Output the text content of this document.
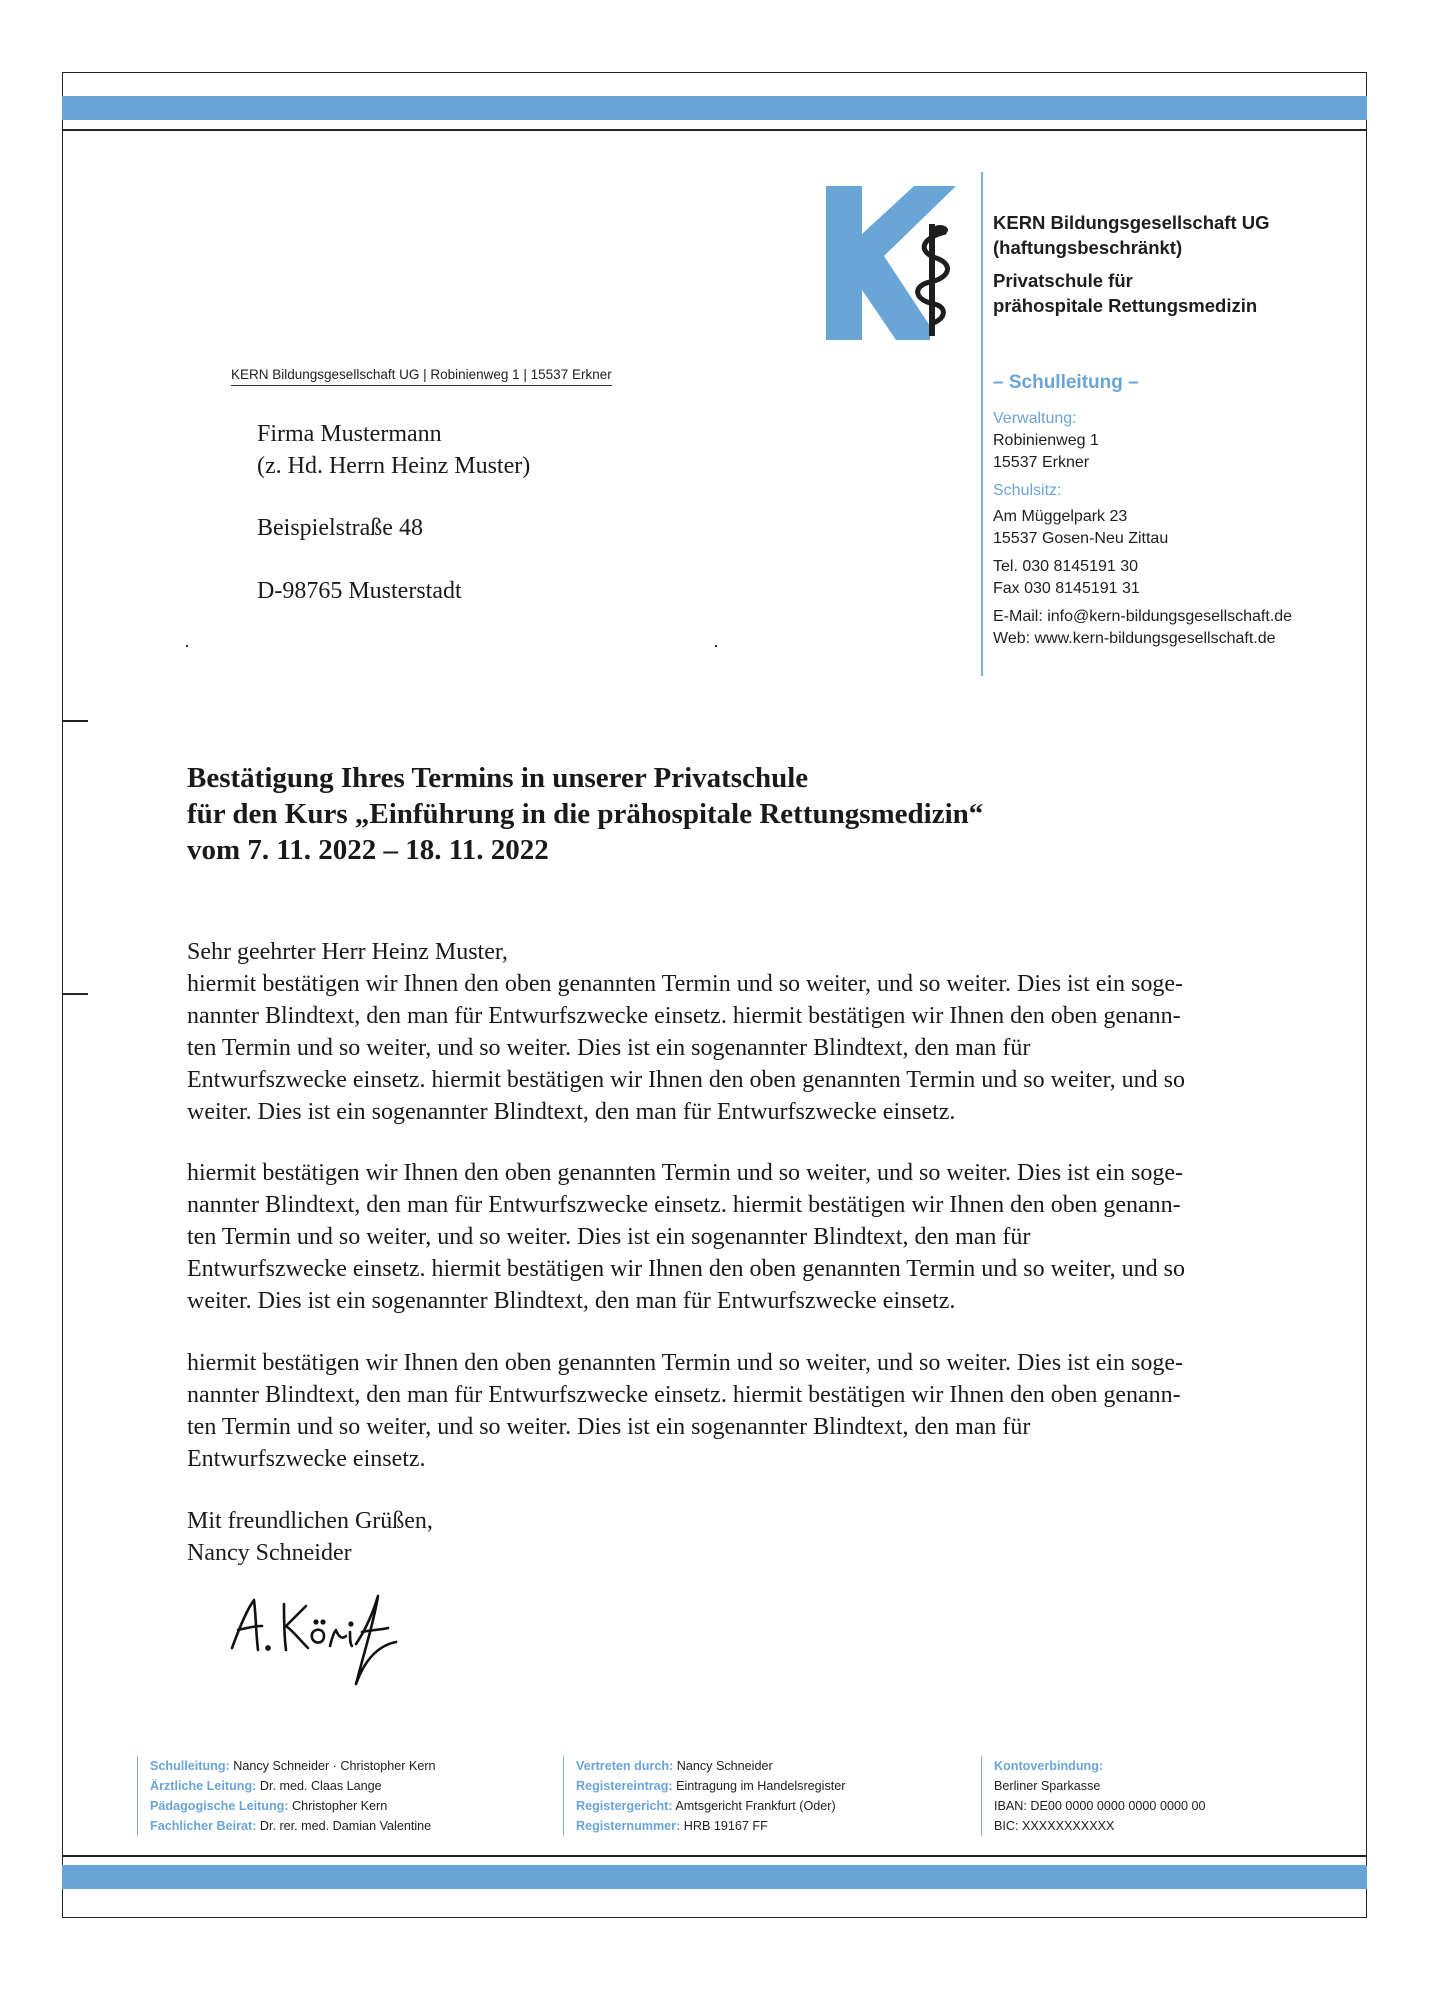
KERN Bildungsgesellschaft UG
(haftungsbeschränkt)
Privatschule für
prähospitale Rettungsmedizin
– Schulleitung –
Verwaltung:
Robinienweg 1
15537 Erkner
Schulsitz:
Am Müggelpark 23
15537 Gosen-Neu Zittau
Tel. 030 8145191 30
Fax 030 8145191 31
E-Mail: info@kern-bildungsgesellschaft.de
Web: www.kern-bildungsgesellschaft.de
KERN Bildungsgesellschaft UG | Robinienweg 1 | 15537 Erkner
Firma Mustermann
(z. Hd. Herrn Heinz Muster)
Beispielstraße 48
D-98765 Musterstadt
Bestätigung Ihres Termins in unserer Privatschule
für den Kurs „Einführung in die prähospitale Rettungsmedizin“
vom 7. 11. 2022 – 18. 11. 2022
Sehr geehrter Herr Heinz Muster,
hiermit bestätigen wir Ihnen den oben genannten Termin und so weiter, und so weiter. Dies ist ein soge-
nannter Blindtext, den man für Entwurfszwecke einsetz. hiermit bestätigen wir Ihnen den oben genann-
ten Termin und so weiter, und so weiter. Dies ist ein sogenannter Blindtext, den man für
Entwurfszwecke einsetz. hiermit bestätigen wir Ihnen den oben genannten Termin und so weiter, und so
weiter. Dies ist ein sogenannter Blindtext, den man für Entwurfszwecke einsetz.
hiermit bestätigen wir Ihnen den oben genannten Termin und so weiter, und so weiter. Dies ist ein soge-
nannter Blindtext, den man für Entwurfszwecke einsetz. hiermit bestätigen wir Ihnen den oben genann-
ten Termin und so weiter, und so weiter. Dies ist ein sogenannter Blindtext, den man für
Entwurfszwecke einsetz. hiermit bestätigen wir Ihnen den oben genannten Termin und so weiter, und so
weiter. Dies ist ein sogenannter Blindtext, den man für Entwurfszwecke einsetz.
hiermit bestätigen wir Ihnen den oben genannten Termin und so weiter, und so weiter. Dies ist ein soge-
nannter Blindtext, den man für Entwurfszwecke einsetz. hiermit bestätigen wir Ihnen den oben genann-
ten Termin und so weiter, und so weiter. Dies ist ein sogenannter Blindtext, den man für
Entwurfszwecke einsetz.
Mit freundlichen Grüßen,
Nancy Schneider
Schulleitung: Nancy Schneider · Christopher Kern
Ärztliche Leitung: Dr. med. Claas Lange
Pädagogische Leitung: Christopher Kern
Fachlicher Beirat: Dr. rer. med. Damian Valentine
Vertreten durch: Nancy Schneider
Registereintrag: Eintragung im Handelsregister
Registergericht: Amtsgericht Frankfurt (Oder)
Registernummer: HRB 19167 FF
Kontoverbindung:
Berliner Sparkasse
IBAN: DE00 0000 0000 0000 0000 00
BIC: XXXXXXXXXXX
